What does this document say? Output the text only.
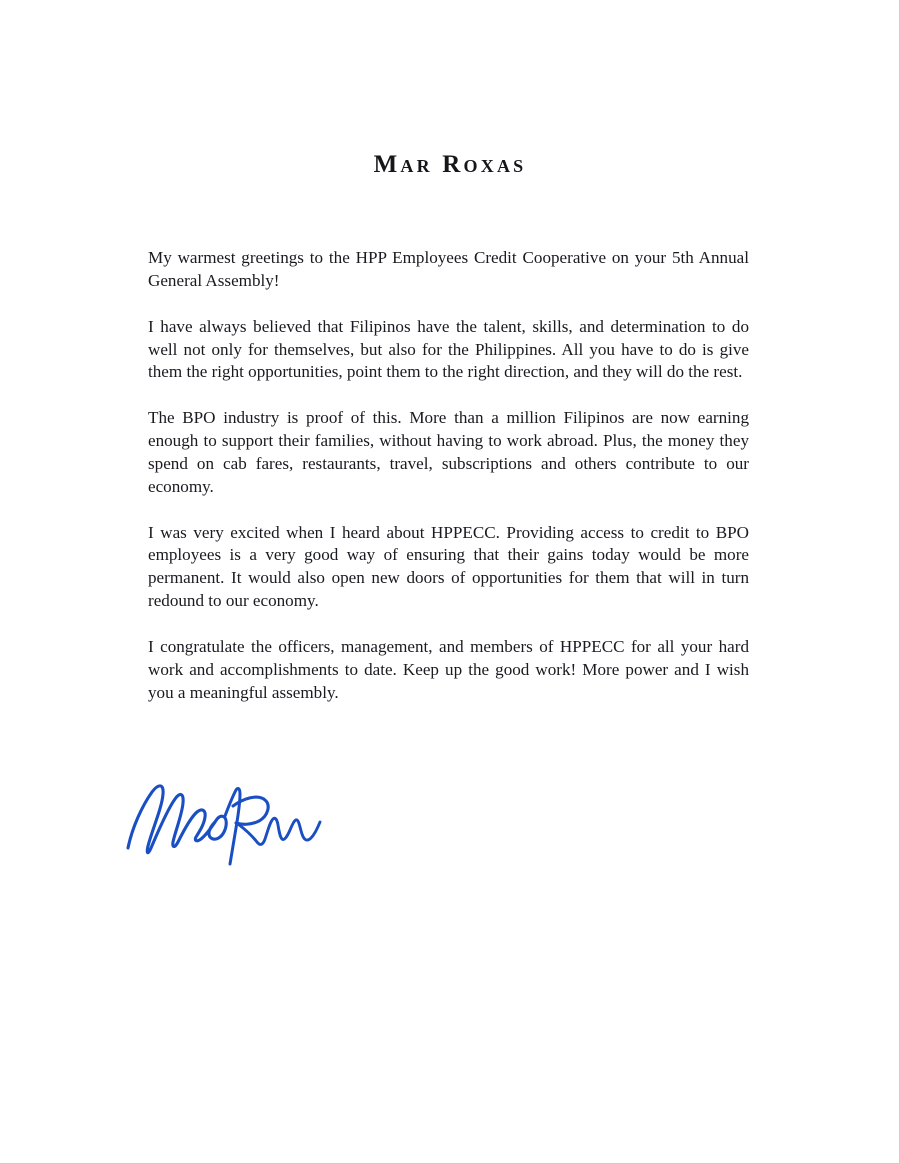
Mar Roxas

My warmest greetings to the HPP Employees Credit Cooperative on your 5th Annual General Assembly!

I have always believed that Filipinos have the talent, skills, and determination to do well not only for themselves, but also for the Philippines. All you have to do is give them the right opportunities, point them to the right direction, and they will do the rest.

The BPO industry is proof of this. More than a million Filipinos are now earning enough to support their families, without having to work abroad. Plus, the money they spend on cab fares, restaurants, travel, subscriptions and others contribute to our economy.

I was very excited when I heard about HPPECC. Providing access to credit to BPO employees is a very good way of ensuring that their gains today would be more permanent. It would also open new doors of opportunities for them that will in turn redound to our economy.

I congratulate the officers, management, and members of HPPECC for all your hard work and accomplishments to date. Keep up the good work! More power and I wish you a meaningful assembly.
